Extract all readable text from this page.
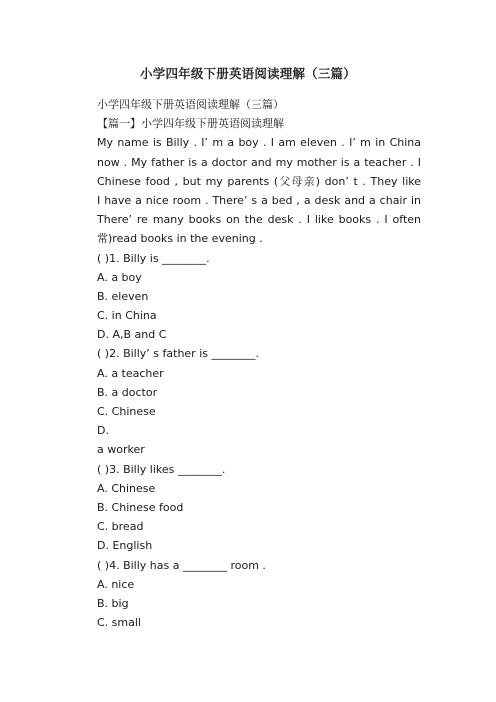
小学四年级下册英语阅读理解（三篇）
小学四年级下册英语阅读理解（三篇）
【篇一】小学四年级下册英语阅读理解
My name is Billy . I’ m a boy . I am eleven . I’ m in China
now . My father is a doctor and my mother is a teacher . I
Chinese food , but my parents (父母亲) don’ t . They like
I have a nice room . There’ s a bed , a desk and a chair in
There’ re many books on the desk . I like books . I often
常)read books in the evening .
( )1. Billy is ________.
A. a boy
B. eleven
C. in China
D. A,B and C
( )2. Billy’ s father is ________.
A. a teacher
B. a doctor
C. Chinese
D.
a worker
( )3. Billy likes ________.
A. Chinese
B. Chinese food
C. bread
D. English
( )4. Billy has a ________ room .
A. nice
B. big
C. small
